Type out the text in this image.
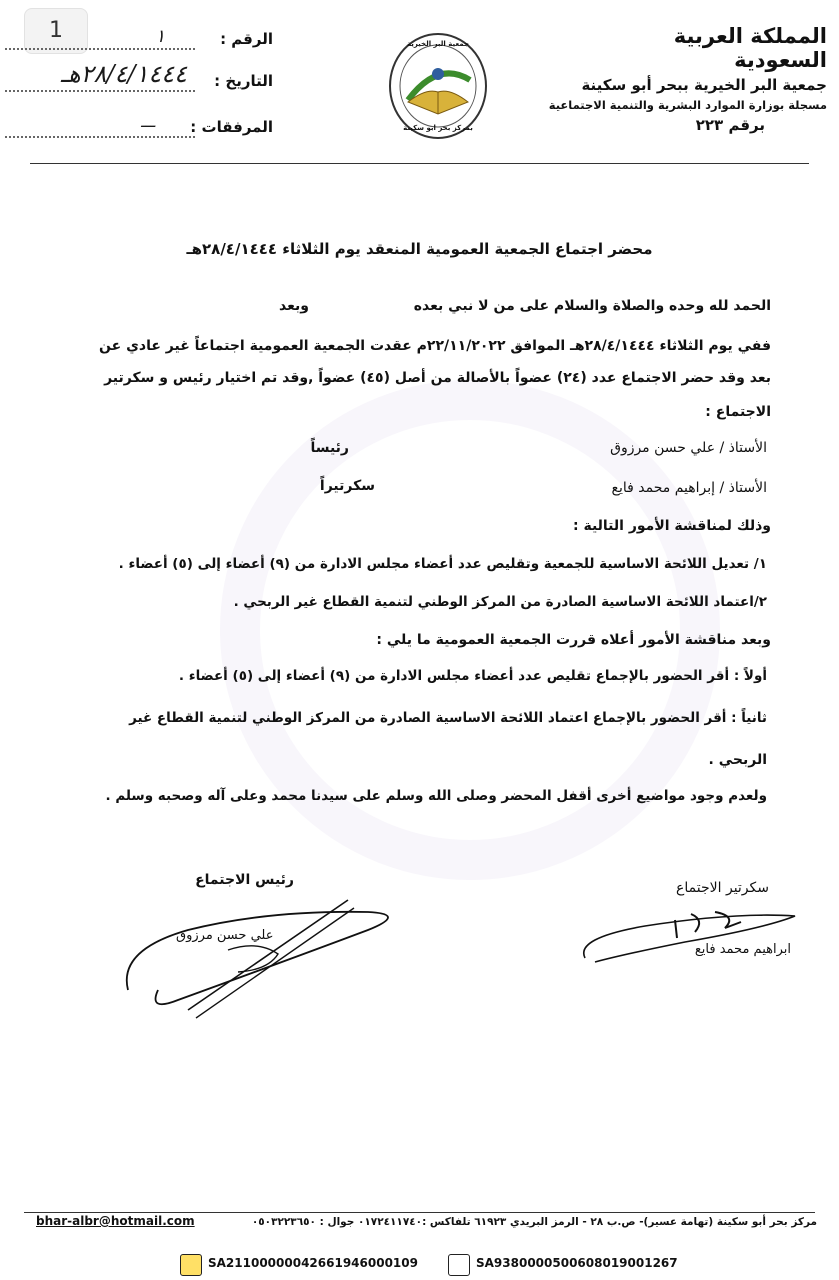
1	المملكة العربية السعودية
جمعية البر الخيرية ببحر أبو سكينة
مسجلة بوزارة الموارد البشرية والتنمية الاجتماعية
برقم ٢٢٣
جمعية البر الخيرية
بمركز بحر ابو سكينة
الرقم :
١
التاريخ :
٢٨/٤/١٤٤٤هـ
المرفقات :
ـــ
محضر اجتماع الجمعية العمومية المنعقد يوم الثلاثاء ٢٨/٤/١٤٤٤هـ
الحمد لله وحده والصلاة والسلام على من لا نبي بعده
وبعد
ففي يوم الثلاثاء ٢٨/٤/١٤٤٤هـ الموافق ٢٢/١١/٢٠٢٢م عقدت الجمعية العمومية اجتماعاً غير عادي عن
بعد وقد حضر الاجتماع عدد (٢٤) عضواً بالأصالة من أصل (٤٥) عضواً ,وقد تم اختيار رئيس و سكرتير
الاجتماع :
الأستاذ / علي حسن مرزوق
رئيساً
الأستاذ / إبراهيم محمد فايع
سكرتيراً
وذلك لمناقشة الأمور التالية :
١/ تعديل اللائحة الاساسية للجمعية وتقليص عدد أعضاء مجلس الادارة من (٩) أعضاء إلى (٥) أعضاء .
٢/اعتماد اللائحة الاساسية الصادرة من المركز الوطني لتنمية القطاع غير الربحي .
وبعد مناقشة الأمور أعلاه قررت الجمعية العمومية ما يلي :
أولاً : أقر الحضور بالإجماع تقليص عدد أعضاء مجلس الادارة من (٩) أعضاء إلى (٥) أعضاء .
ثانياً : أقر الحضور بالإجماع اعتماد اللائحة الاساسية الصادرة من المركز الوطني لتنمية القطاع غير
الربحي .
ولعدم وجود مواضيع أخرى أقفل المحضر وصلى الله وسلم على سيدنا محمد وعلى آله وصحبه وسلم .
رئيس الاجتماع
علي حسن مرزوق
سكرتير الاجتماع
ابراهيم محمد فايع
مركز بحر أبو سكينة (تهامة عسير)- ص.ب ٢٨ - الرمز البريدي ٦١٩٢٣ تلفاكس :٠١٧٢٤١١٧٤٠ جوال : ٠٥٠٣٢٢٣٦٥٠
bhar-albr@hotmail.com
SA2110000004266194600010​9	SA9380000500608019001267
